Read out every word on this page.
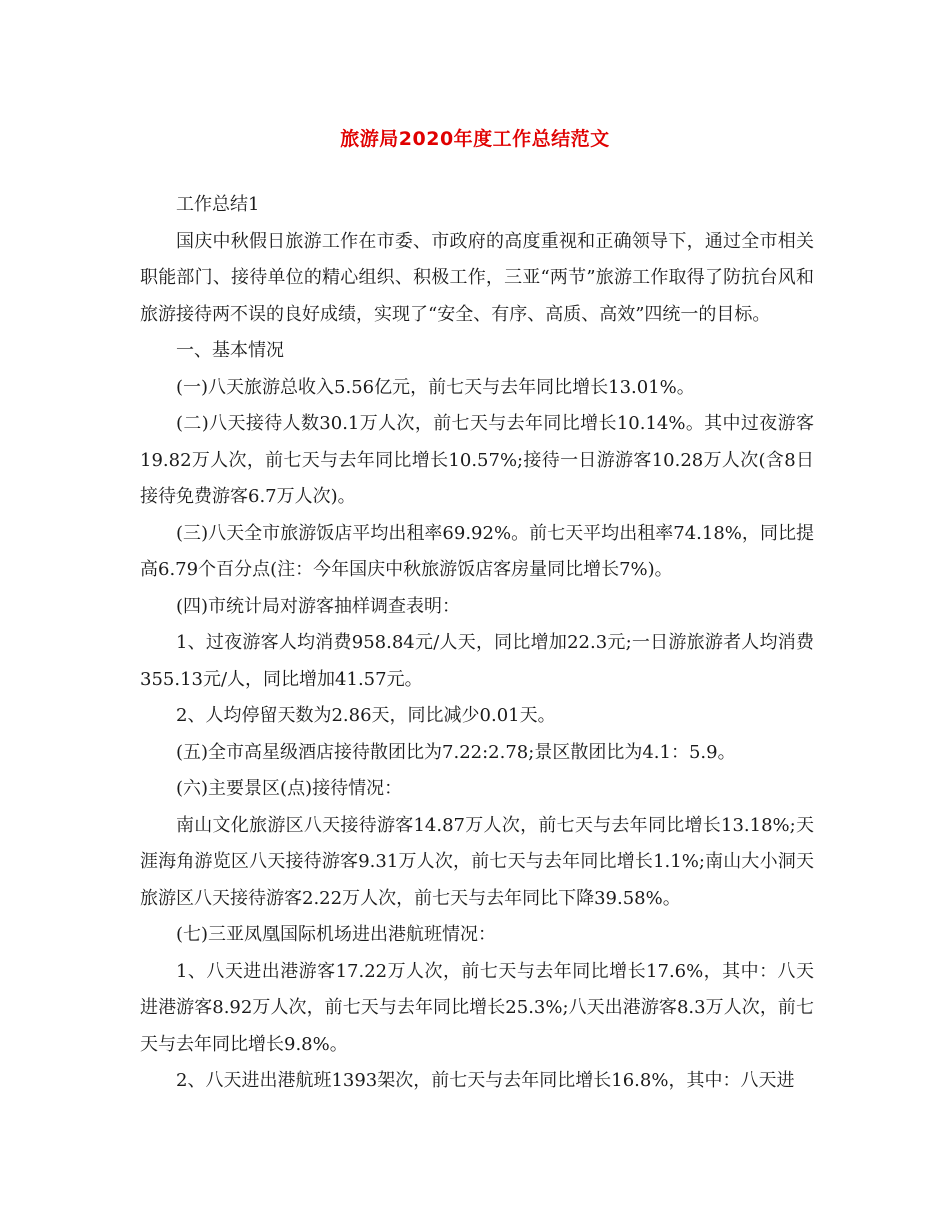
旅游局2020年度工作总结范文

工作总结1

国庆中秋假日旅游工作在市委、市政府的高度重视和正确领导下，通过全市相关职能部门、接待单位的精心组织、积极工作，三亚“两节”旅游工作取得了防抗台风和旅游接待两不误的良好成绩，实现了“安全、有序、高质、高效”四统一的目标。

一、基本情况

(一)八天旅游总收入5.56亿元，前七天与去年同比增长13.01%。

(二)八天接待人数30.1万人次，前七天与去年同比增长10.14%。其中过夜游客19.82万人次，前七天与去年同比增长10.57%;接待一日游游客10.28万人次(含8日接待免费游客6.7万人次)。

(三)八天全市旅游饭店平均出租率69.92%。前七天平均出租率74.18%，同比提高6.79个百分点(注：今年国庆中秋旅游饭店客房量同比增长7%)。

(四)市统计局对游客抽样调查表明：

1、过夜游客人均消费958.84元/人天，同比增加22.3元;一日游旅游者人均消费355.13元/人，同比增加41.57元。

2、人均停留天数为2.86天，同比减少0.01天。

(五)全市高星级酒店接待散团比为7.22:2.78;景区散团比为4.1：5.9。

(六)主要景区(点)接待情况：

南山文化旅游区八天接待游客14.87万人次，前七天与去年同比增长13.18%;天涯海角游览区八天接待游客9.31万人次，前七天与去年同比增长1.1%;南山大小洞天旅游区八天接待游客2.22万人次，前七天与去年同比下降39.58%。

(七)三亚凤凰国际机场进出港航班情况：

1、八天进出港游客17.22万人次，前七天与去年同比增长17.6%，其中：八天进港游客8.92万人次，前七天与去年同比增长25.3%;八天出港游客8.3万人次，前七天与去年同比增长9.8%。

2、八天进出港航班1393架次，前七天与去年同比增长16.8%，其中：八天进
